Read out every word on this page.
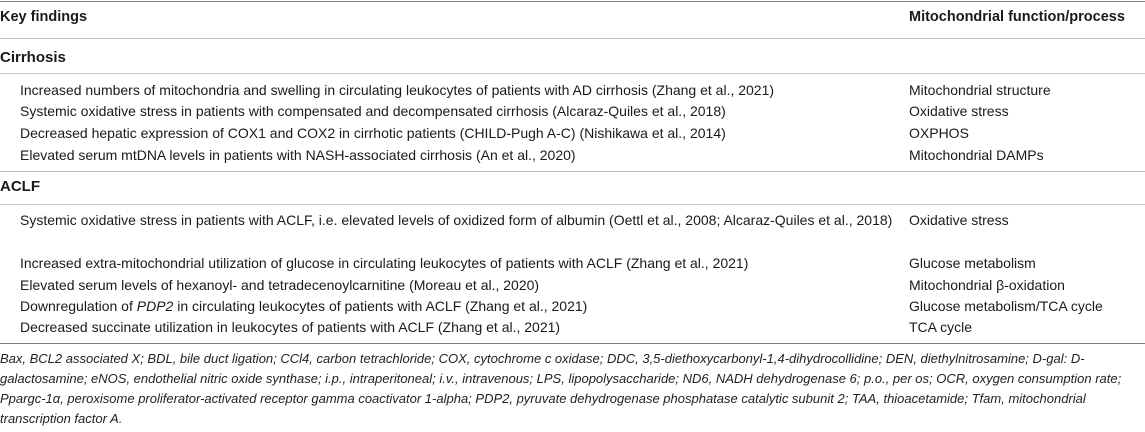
Key findings	Mitochondrial function/process
Cirrhosis
Increased numbers of mitochondria and swelling in circulating leukocytes of patients with AD cirrhosis (Zhang et al., 2021)	Mitochondrial structure
Systemic oxidative stress in patients with compensated and decompensated cirrhosis (Alcaraz-Quiles et al., 2018)	Oxidative stress
Decreased hepatic expression of COX1 and COX2 in cirrhotic patients (CHILD-Pugh A-C) (Nishikawa et al., 2014)	OXPHOS
Elevated serum mtDNA levels in patients with NASH-associated cirrhosis (An et al., 2020)	Mitochondrial DAMPs
ACLF
Systemic oxidative stress in patients with ACLF, i.e. elevated levels of oxidized form of albumin (Oettl et al., 2008; Alcaraz-Quiles et al., 2018)	Oxidative stress
Increased extra-mitochondrial utilization of glucose in circulating leukocytes of patients with ACLF (Zhang et al., 2021)	Glucose metabolism
Elevated serum levels of hexanoyl- and tetradecenoylcarnitine (Moreau et al., 2020)	Mitochondrial β-oxidation
Downregulation of PDP2 in circulating leukocytes of patients with ACLF (Zhang et al., 2021)	Glucose metabolism/TCA cycle
Decreased succinate utilization in leukocytes of patients with ACLF (Zhang et al., 2021)	TCA cycle
Bax, BCL2 associated X; BDL, bile duct ligation; CCl4, carbon tetrachloride; COX, cytochrome c oxidase; DDC, 3,5-diethoxycarbonyl-1,4-dihydrocollidine; DEN, diethylnitrosamine; D-gal: D-galactosamine; eNOS, endothelial nitric oxide synthase; i.p., intraperitoneal; i.v., intravenous; LPS, lipopolysaccharide; ND6, NADH dehydrogenase 6; p.o., per os; OCR, oxygen consumption rate; Ppargc-1α, peroxisome proliferator-activated receptor gamma coactivator 1-alpha; PDP2, pyruvate dehydrogenase phosphatase catalytic subunit 2; TAA, thioacetamide; Tfam, mitochondrial transcription factor A.
